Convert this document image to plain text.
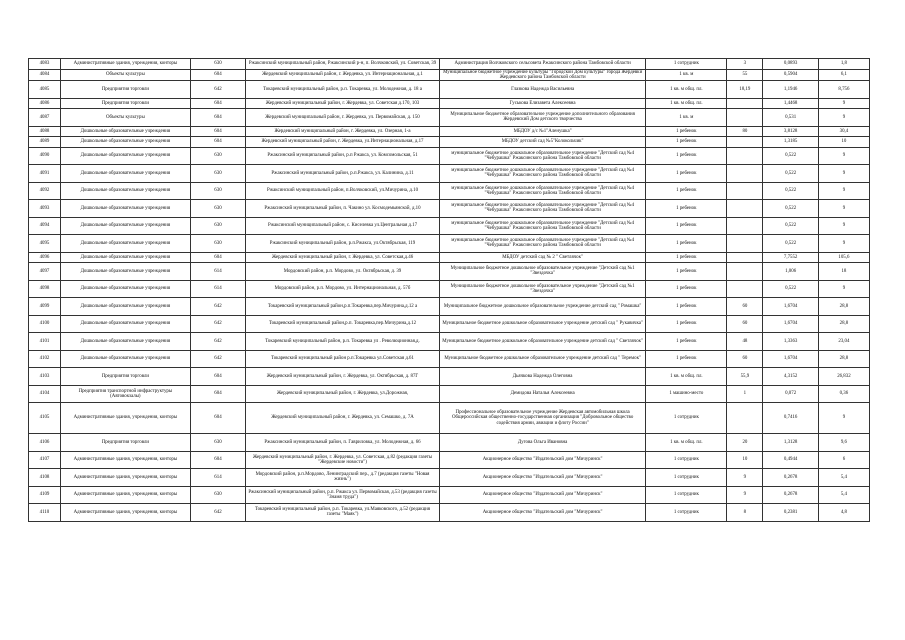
4083	Административные здания, учреждения, конторы	630	Ржаксинский муниципальный район, Ржаксинский р-н, п. Волчковский, ул. Советская, 39	Администрация Волчковского сельсовета Ржаксинского района Тамбовской области	1 сотрудник	3	0,0893	1,8
4084	Объекты культуры	604	Жердевский муниципальный район, г. Жердевка, ул. Интернациональная, д.1	Муниципальное бюджетное учреждение культуры "Городской Дом культуры" города Жердевки Жердевского района Тамбовской области	1 кв. м	55	0,5904	6,1
4085	Предприятия торговли	642	Токаревский муниципальный район, р.п. Токаревка, ул. Молодежная, д. 18 а	Глазкова Надежда Васильевна	1 кв. м общ. пл.	18,19	1,1946	8,756
4086	Предприятия торговли	604	Жердевский муниципальный район, г. Жердевка, ул. Советская д.170, 103	Гуськова Елизавета Алексеевна	1 кв. м общ. пл.		1,4468	9
4087	Объекты культуры	604	Жердевский муниципальный район, г. Жердевка, ул. Первомайская, д. 150	Муниципальное бюджетное образовательное учреждение дополнительного образования Жердевский Дом детского творчества	1 кв. м		0,531	9
4088	Дошкольные образовательные учреждения	604	Жердевский муниципальный район, г. Жердевка, ул. Озерная, 1-а	МБДОУ д/с №1"Аленушка"	1 ребенок	80	3,8128	30,4
4089	Дошкольные образовательные учреждения	604	Жердевский муниципальный район, г. Жердевка, ул.Интернациональная, д.17	МБДОУ детский сад №5"Колокольчик"	1 ребенок		1,3185	10
4090	Дошкольные образовательные учреждения	630	Ржаксинский муниципальный район, р.п Ржакса, ул. Комсомольская, 51	муниципальное бюджетное дошкольное образовательное учреждение "Детский сад №4 "Чебурашка" Ржаксинского района Тамбовской области	1 ребенок		0,522	9
4091	Дошкольные образовательные учреждения	630	Ржаксинский муниципальный район, р.п.Ржакса, ул. Калинина, д.11	муниципальное бюджетное дошкольное образовательное учреждение "Детский сад №4 "Чебурашка" Ржаксинского района Тамбовской области	1 ребенок		0,522	9
4092	Дошкольные образовательные учреждения	630	Ржаксинский муниципальный район, п.Волчковский, ул.Мичурина, д.10	муниципальное бюджетное дошкольное образовательное учреждение "Детский сад №4 "Чебурашка" Ржаксинского района Тамбовской области	1 ребенок		0,522	9
4093	Дошкольные образовательные учреждения	630	Ржаксинский муниципальный район, п. Чакино ул. Космодемьянской, д.10	муниципальное бюджетное дошкольное образовательное учреждение "Детский сад №4 "Чебурашка" Ржаксинского района Тамбовской области	1 ребенок		0,522	9
4094	Дошкольные образовательные учреждения	630	Ржаксинский муниципальный район, с. Киселевка ул.Центральная д.17	муниципальное бюджетное дошкольное образовательное учреждение "Детский сад №4 "Чебурашка" Ржаксинского района Тамбовской области	1 ребенок		0,522	9
4095	Дошкольные образовательные учреждения	630	Ржаксинский муниципальный район, р.п.Ржакса, ул.Октябрьская, 119	муниципальное бюджетное дошкольное образовательное учреждение "Детский сад №4 "Чебурашка" Ржаксинского района Тамбовской области	1 ребенок		0,522	9
4096	Дошкольные образовательные учреждения	604	Жердевский муниципальный район, г. Жердевка, ул. Советская,д.46	МБДОУ детский сад № 2 " Светлячок"	1 ребенок		7,7552	105,6
4097	Дошкольные образовательные учреждения	614	Мордовский район, р.п. Мордово, ул. Октябрьская, д. 39	Муниципальное бюджетное дошкольное образовательное учреждение "Детский сад №1 "Звездочка"	1 ребенок		1,006	18
4098	Дошкольные образовательные учреждения	614	Мордовский район, р.п. Мордово, ул. Интернациональная, д. 57б	Муниципальное бюджетное дошкольное образовательное учреждение "Детский сад №1 "Звездочка"	1 ребенок		0,522	9
4099	Дошкольные образовательные учреждения	642	Токаревский муниципальный район,р.п.Токаревка,пер.Мичурина,д.12 а	Муниципальное бюджетное дошкольное образовательное учреждение детский сад " Ромашка"	1 ребенок	60	1,6704	28,8
4100	Дошкольные образовательные учреждения	642	Токаревский муниципальный район,р.п. Токаревка,пер.Мичурина,д.12	Муниципальное бюджетное дошкольное образовательное учреждение детский сад " Рукавичка"	1 ребенок	60	1,6704	28,8
4101	Дошкольные образовательные учреждения	642	Токаревский муниципальный район, р.п. Токаревка ул . Революционная,д.	Муниципальное бюджетное дошкольное образовательное учреждение детский сад " Светлячок"	1 ребенок	48	1,3363	23,04
4102	Дошкольные образовательные учреждения	642	Токаревский муниципальный район р.п.Токаревка ул.Советская д.61	Муниципальное бюджетное дошкольное образовательное учреждение детский сад " Теремок"	1 ребенок	60	1,6704	28,8
4103	Предприятия торговли	604	Жердевский муниципальный район, г. Жердевка, ул. Октябрьская, д. 87Г	Дьячкова Надежда Олеговна	1 кв. м общ. пл.	55,9	4,3152	26,832
4104	Предприятия транспортной инфраструктуры (Автовокзалы)	604	Жердевский муниципальный район, г. Жердевка, ул.Дорожная,	Демидова Наталья Алексеевна	1 машино-место	1	0,072	0,36
4105	Административные здания, учреждения, конторы	604	Жердевский муниципальный район, г. Жердевка, ул. Семашко, д. 7А	Профессиональное образовательное учреждение Жердевская автомобильная школа Общероссийская общественно-государственная организация "Добровольное общество содействия армии, авиации и флоту России"	1 сотрудник		0,7416	9
4106	Предприятия торговли	630	Ржаксинский муниципальный район, п. Гавриловка, ул. Молодежная, д. 66	Дугова Ольга Ивановна	1 кв. м общ. пл.	20	1,3128	9,6
4107	Административные здания, учреждения, конторы	604	Жердевский муниципальный район, г. Жердевка, ул. Советская, д.82 (редакция газеты "Жердевские новости")	Акционерное общество "Издательский дом "Мичуринск"	1 сотрудник	10	0,4944	6
4108	Административные здания, учреждения, конторы	614	Мордовский район, р.п.Мордово, Ленинградский пер., д.7 (редакция газеты "Новая жизнь")	Акционерное общество "Издательский дом "Мичуринск"	1 сотрудник	9	0,2678	5,4
4109	Административные здания, учреждения, конторы	630	Ржаксинский муниципальный район, р.п. Ржакса ул. Первомайская, д.53 (редакция газеты "Знамя труда")	Акционерное общество "Издательский дом "Мичуринск"	1 сотрудник	9	0,2678	5,4
4110	Административные здания, учреждения, конторы	642	Токаревский муниципальный район, р.п. Токаревка, ул.Маяковского, д.52 (редакция газеты "Маяк")	Акционерное общество "Издательский дом "Мичуринск"	1 сотрудник	8	0,2381	4,8
